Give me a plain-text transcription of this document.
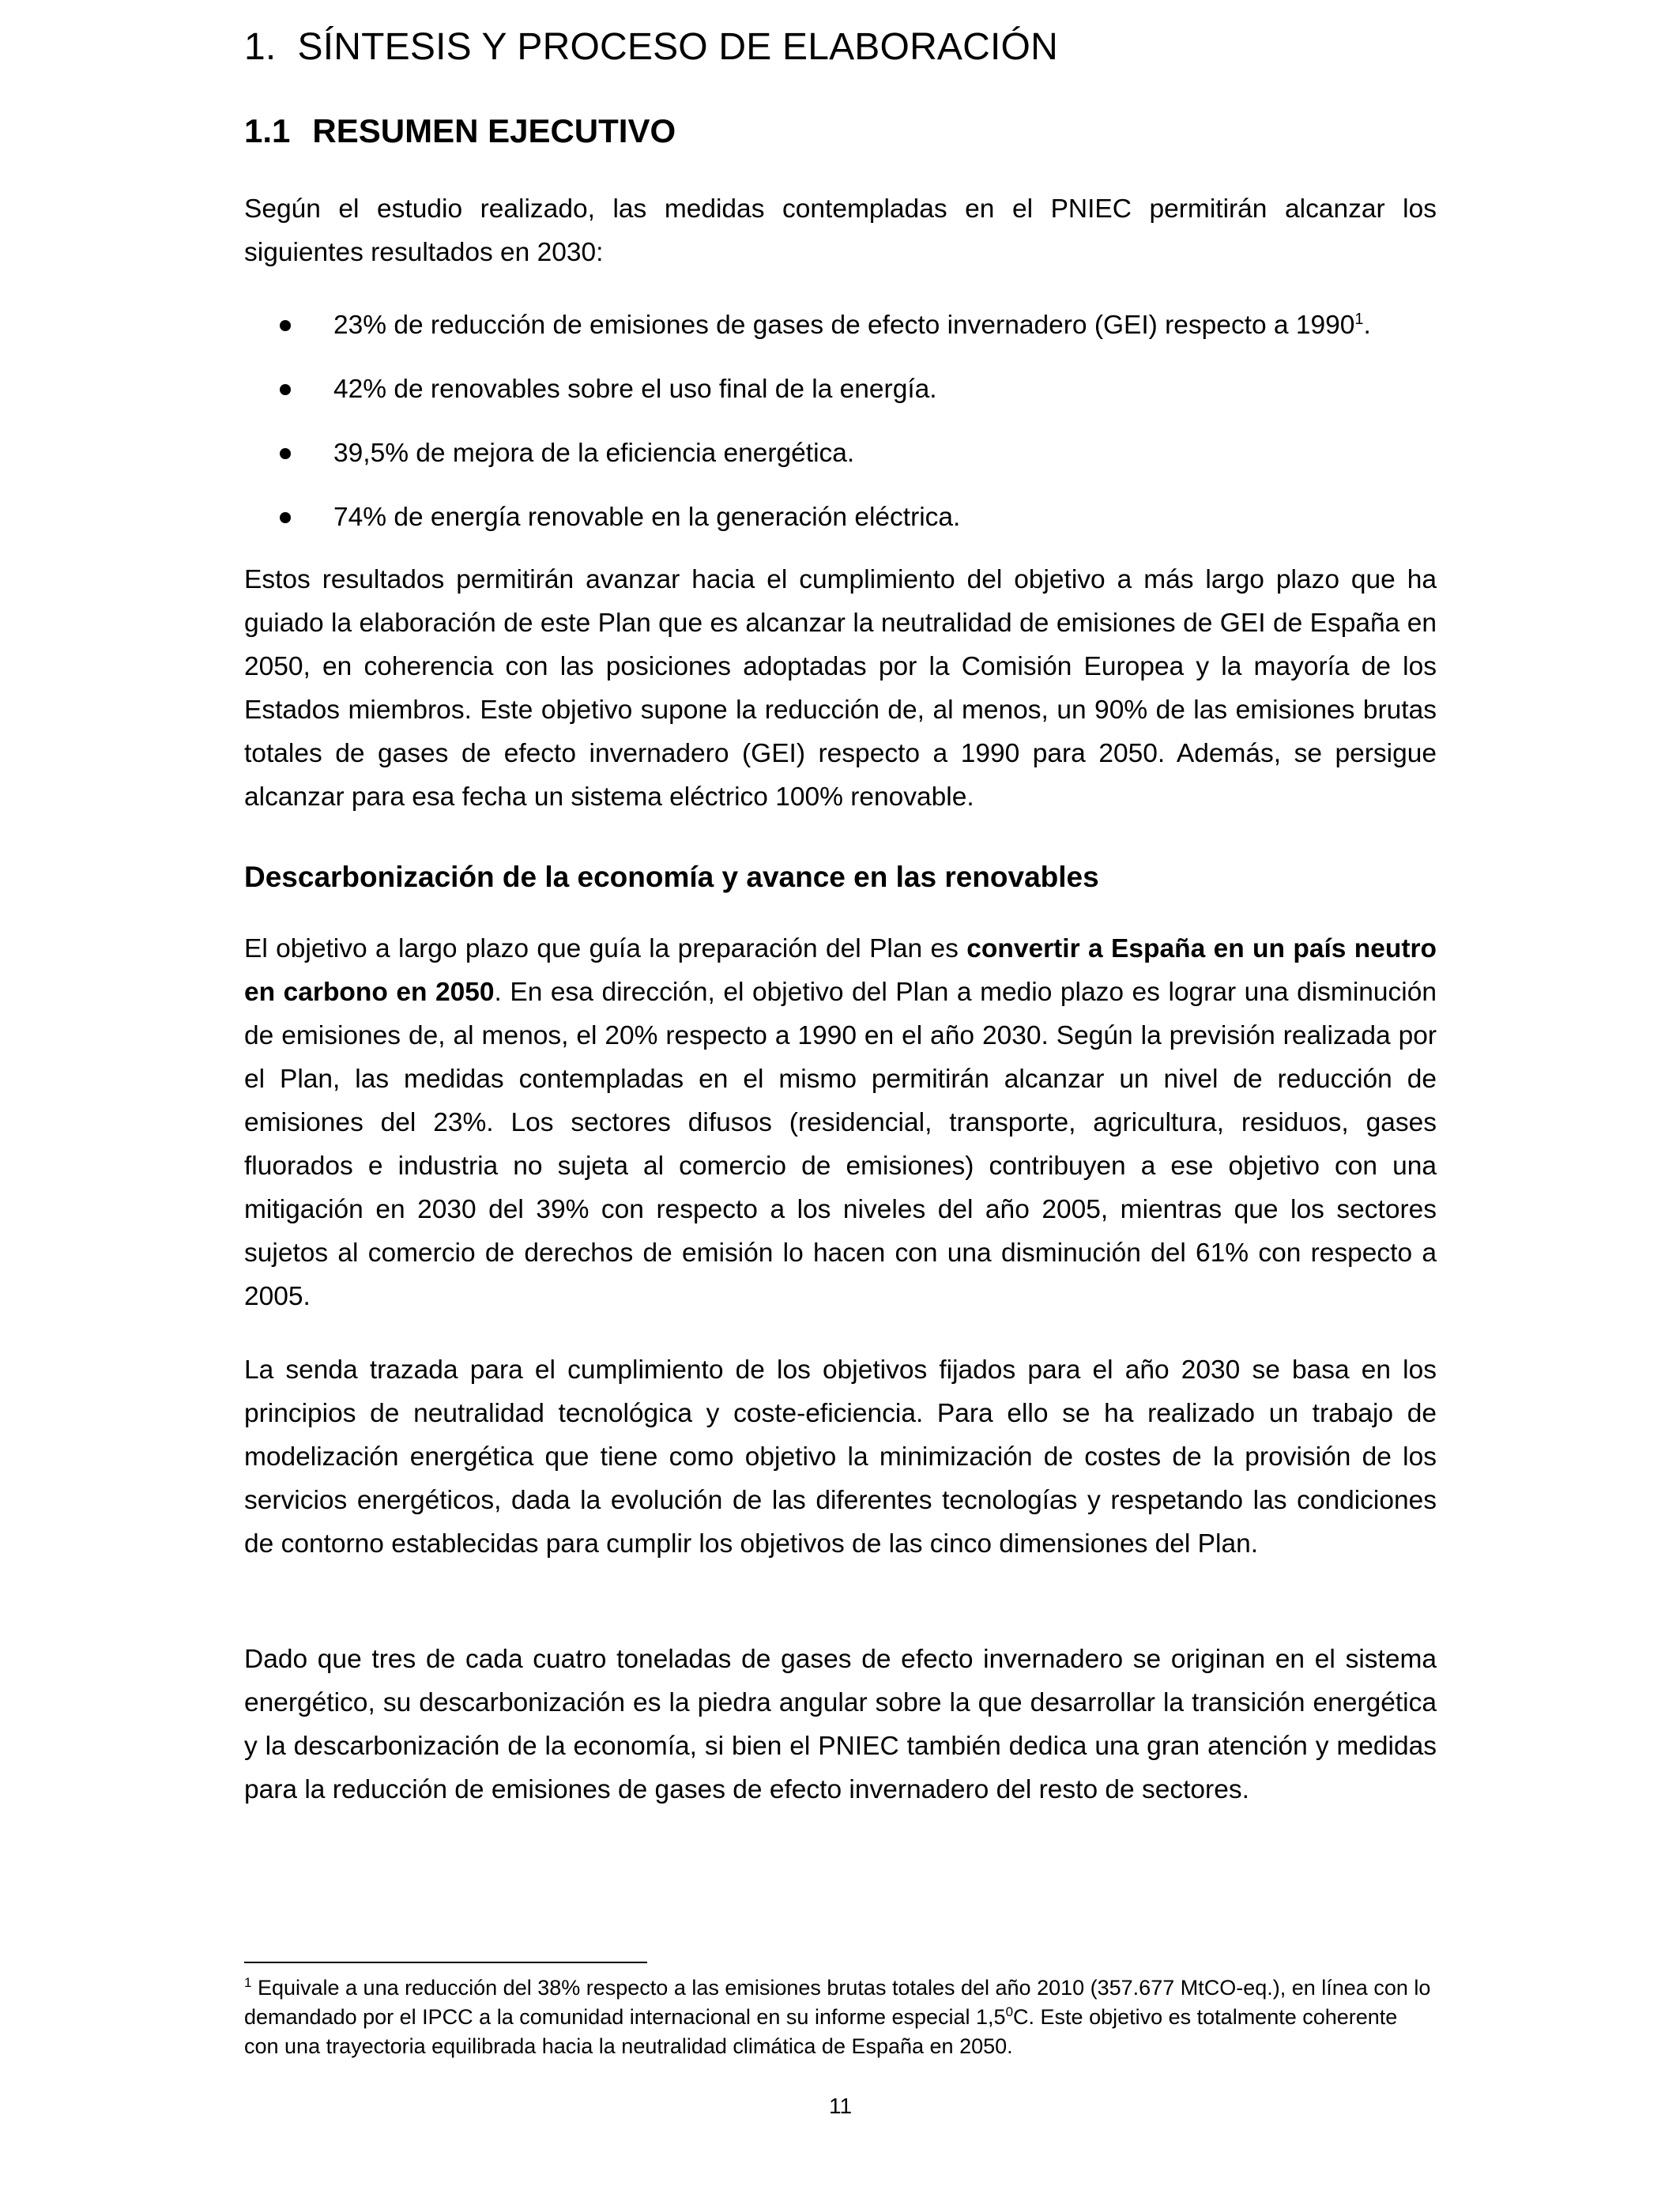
1. SÍNTESIS Y PROCESO DE ELABORACIÓN
1.1 RESUMEN EJECUTIVO

Según el estudio realizado, las medidas contempladas en el PNIEC permitirán alcanzar los siguientes resultados en 2030:

23% de reducción de emisiones de gases de efecto invernadero (GEI) respecto a 1990$^1$.
42% de renovables sobre el uso final de la energía.
39,5% de mejora de la eficiencia energética.
74% de energía renovable en la generación eléctrica.

Estos resultados permitirán avanzar hacia el cumplimiento del objetivo a más largo plazo que ha guiado la elaboración de este Plan que es alcanzar la neutralidad de emisiones de GEI de España en 2050, en coherencia con las posiciones adoptadas por la Comisión Europea y la mayoría de los Estados miembros. Este objetivo supone la reducción de, al menos, un 90% de las emisiones brutas totales de gases de efecto invernadero (GEI) respecto a 1990 para 2050. Además, se persigue alcanzar para esa fecha un sistema eléctrico 100% renovable.

Descarbonización de la economía y avance en las renovables

El objetivo a largo plazo que guía la preparación del Plan es convertir a España en un país neutro en carbono en 2050. En esa dirección, el objetivo del Plan a medio plazo es lograr una disminución de emisiones de, al menos, el 20% respecto a 1990 en el año 2030. Según la previsión realizada por el Plan, las medidas contempladas en el mismo permitirán alcanzar un nivel de reducción de emisiones del 23%. Los sectores difusos (residencial, transporte, agricultura, residuos, gases fluorados e industria no sujeta al comercio de emisiones) contribuyen a ese objetivo con una mitigación en 2030 del 39% con respecto a los niveles del año 2005, mientras que los sectores sujetos al comercio de derechos de emisión lo hacen con una disminución del 61% con respecto a 2005.

La senda trazada para el cumplimiento de los objetivos fijados para el año 2030 se basa en los principios de neutralidad tecnológica y coste-eficiencia. Para ello se ha realizado un trabajo de modelización energética que tiene como objetivo la minimización de costes de la provisión de los servicios energéticos, dada la evolución de las diferentes tecnologías y respetando las condiciones de contorno establecidas para cumplir los objetivos de las cinco dimensiones del Plan.

Dado que tres de cada cuatro toneladas de gases de efecto invernadero se originan en el sistema energético, su descarbonización es la piedra angular sobre la que desarrollar la transición energética y la descarbonización de la economía, si bien el PNIEC también dedica una gran atención y medidas para la reducción de emisiones de gases de efecto invernadero del resto de sectores.

$^1$ Equivale a una reducción del 38% respecto a las emisiones brutas totales del año 2010 (357.677 MtCO-eq.), en línea con lo demandado por el IPCC a la comunidad internacional en su informe especial $1,5^0C$. Este objetivo es totalmente coherente con una trayectoria equilibrada hacia la neutralidad climática de España en 2050.

11
